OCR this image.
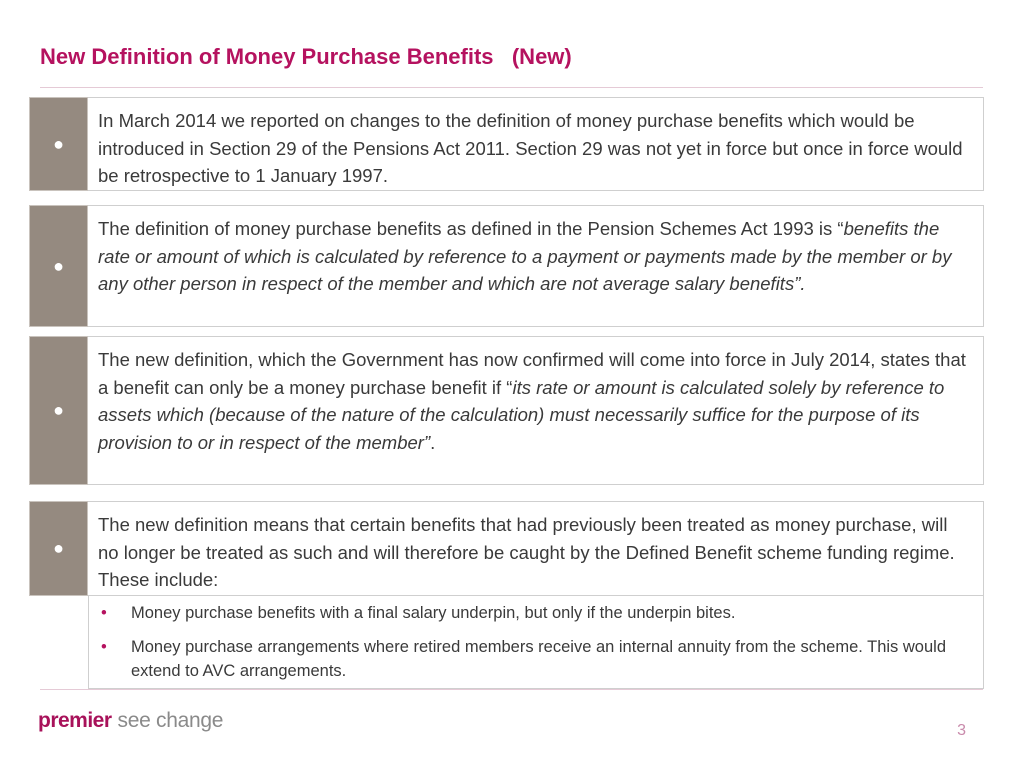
New Definition of Money Purchase Benefits   (New)
●
In March 2014 we reported on changes to the definition of money purchase benefits which would be introduced in Section 29 of the Pensions Act 2011. Section 29 was not yet in force but once in force would be retrospective to 1 January 1997.
●
The definition of money purchase benefits as defined in the Pension Schemes Act 1993 is “benefits the rate or amount of which is calculated by reference to a payment or payments made by the member or by any other person in respect of the member and which are not average salary benefits”.
●
The new definition, which the Government has now confirmed will come into force in July 2014, states that a benefit can only be a money purchase benefit if “its rate or amount is calculated solely by reference to assets which (because of the nature of the calculation) must necessarily suffice for the purpose of its provision to or in respect of the member”.
●
The new definition means that certain benefits that had previously been treated as money purchase, will no longer be treated as such and will therefore be caught by the Defined Benefit scheme funding regime. These include:
•	Money purchase benefits with a final salary underpin, but only if the underpin bites.
•	Money purchase arrangements where retired members receive an internal annuity from the scheme. This would extend to AVC arrangements.
premier see change	3
